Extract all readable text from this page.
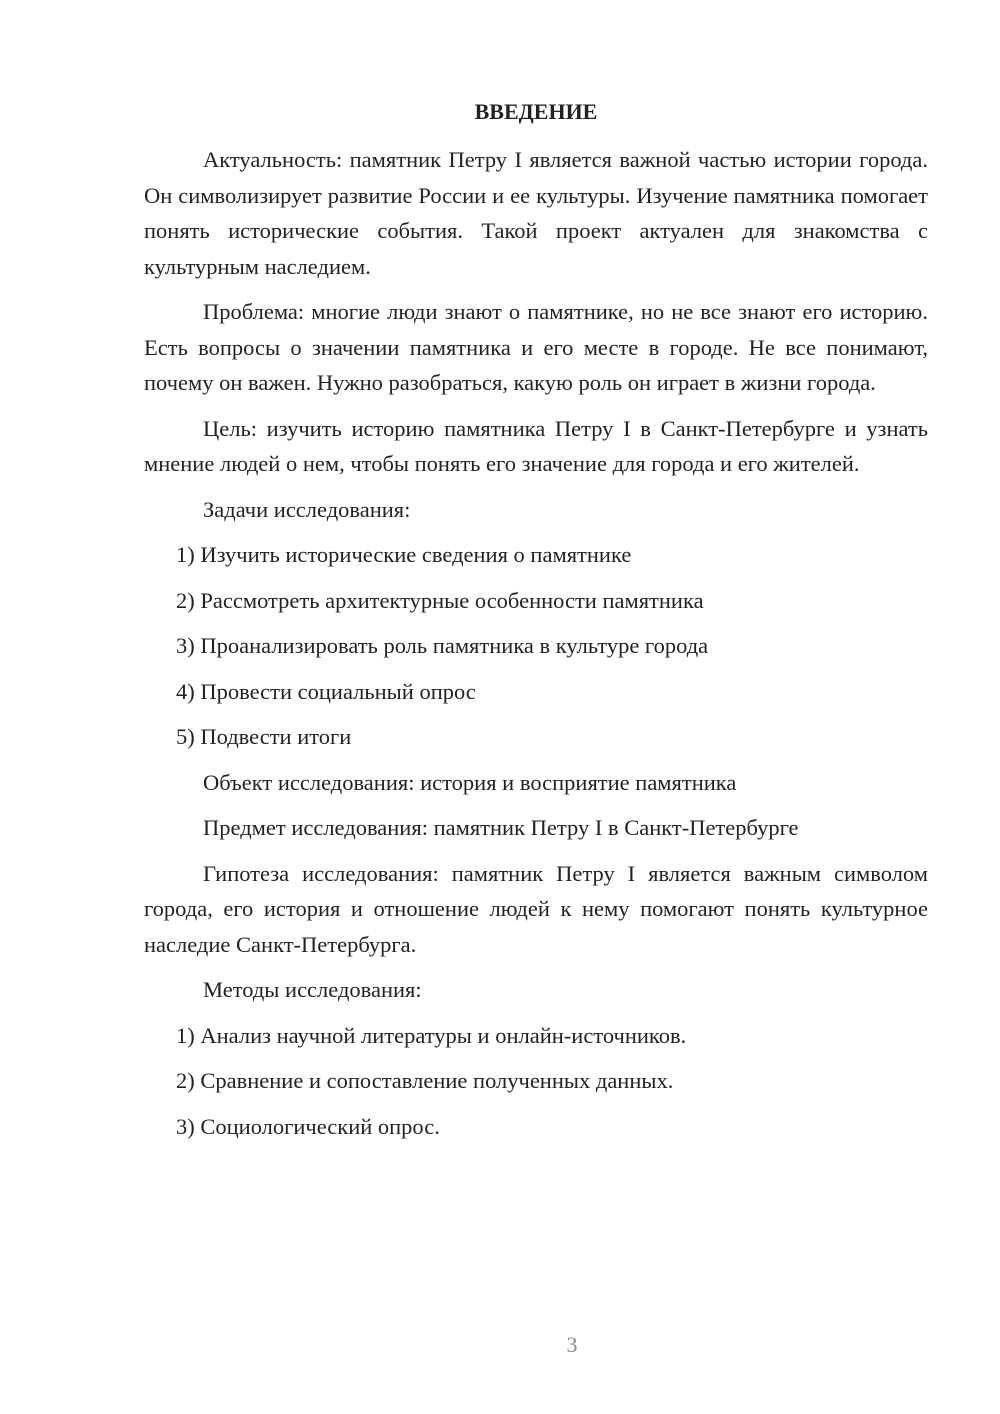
ВВЕДЕНИЕ

Актуальность: памятник Петру I является важной частью истории города. Он символизирует развитие России и ее культуры. Изучение памятника помогает понять исторические события. Такой проект актуален для знакомства с культурным наследием.

Проблема: многие люди знают о памятнике, но не все знают его историю. Есть вопросы о значении памятника и его месте в городе. Не все понимают, почему он важен. Нужно разобраться, какую роль он играет в жизни города.

Цель: изучить историю памятника Петру I в Санкт-Петербурге и узнать мнение людей о нем, чтобы понять его значение для города и его жителей.

Задачи исследования:

1) Изучить исторические сведения о памятнике
2) Рассмотреть архитектурные особенности памятника
3) Проанализировать роль памятника в культуре города
4) Провести социальный опрос
5) Подвести итоги

Объект исследования: история и восприятие памятника

Предмет исследования: памятник Петру I в Санкт-Петербурге

Гипотеза исследования: памятник Петру I является важным символом города, его история и отношение людей к нему помогают понять культурное наследие Санкт-Петербурга.

Методы исследования:

1) Анализ научной литературы и онлайн-источников.
2) Сравнение и сопоставление полученных данных.
3) Социологический опрос.
3
